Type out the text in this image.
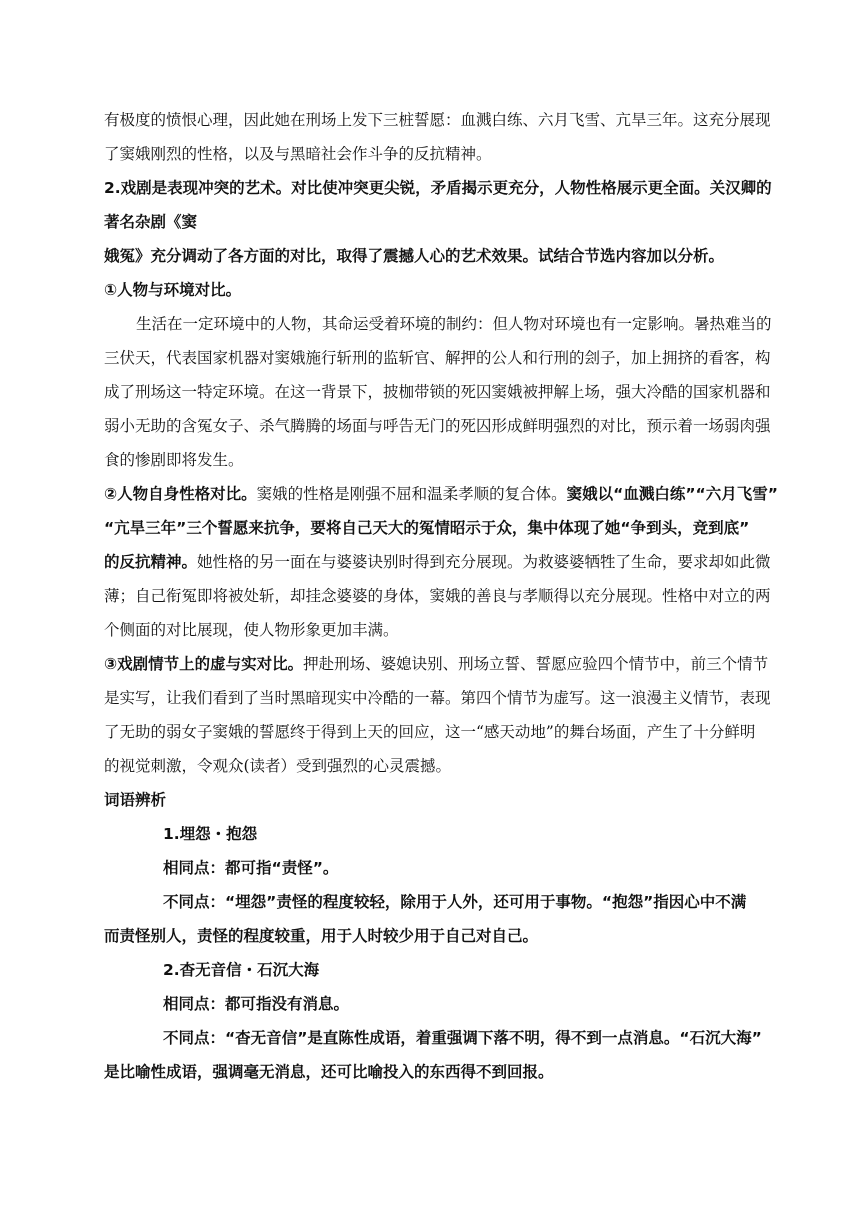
有极度的愤恨心理，因此她在刑场上发下三桩誓愿：血溅白练、六月飞雪、亢旱三年。这充分展现
了窦娥刚烈的性格，以及与黑暗社会作斗争的反抗精神。
2.戏剧是表现冲突的艺术。对比使冲突更尖锐，矛盾揭示更充分，人物性格展示更全面。关汉卿的
著名杂剧《窦
娥冤》充分调动了各方面的对比，取得了震撼人心的艺术效果。试结合节选内容加以分析。
①人物与环境对比。
生活在一定环境中的人物，其命运受着环境的制约：但人物对环境也有一定影响。暑热难当的
三伏天，代表国家机器对窦娥施行斩刑的监斩官、解押的公人和行刑的刽子，加上拥挤的看客，构
成了刑场这一特定环境。在这一背景下，披枷带锁的死囚窦娥被押解上场，强大冷酷的国家机器和
弱小无助的含冤女子、杀气腾腾的场面与呼告无门的死囚形成鲜明强烈的对比，预示着一场弱肉强
食的惨剧即将发生。
②人物自身性格对比。窦娥的性格是刚强不屈和温柔孝顺的复合体。窦娥以“血溅白练”“六月飞雪”
“亢旱三年”三个誓愿来抗争，要将自己天大的冤情昭示于众，集中体现了她“争到头，竞到底”
的反抗精神。她性格的另一面在与婆婆诀别时得到充分展现。为救婆婆牺牲了生命，要求却如此微
薄；自己衔冤即将被处斩，却挂念婆婆的身体，窦娥的善良与孝顺得以充分展现。性格中对立的两
个侧面的对比展现，使人物形象更加丰满。
③戏剧情节上的虚与实对比。押赴刑场、婆媳诀别、刑场立誓、誓愿应验四个情节中，前三个情节
是实写，让我们看到了当时黑暗现实中冷酷的一幕。第四个情节为虚写。这一浪漫主义情节，表现
了无助的弱女子窦娥的誓愿终于得到上天的回应，这一“感天动地”的舞台场面，产生了十分鲜明
的视觉刺激，令观众(读者）受到强烈的心灵震撼。
词语辨析
1.埋怨・抱怨
相同点：都可指“责怪”。
不同点：“埋怨”责怪的程度较轻，除用于人外，还可用于事物。“抱怨”指因心中不满
而责怪别人，责怪的程度较重，用于人时较少用于自己对自己。
2.杳无音信・石沉大海
相同点：都可指没有消息。
不同点：“杳无音信”是直陈性成语，着重强调下落不明，得不到一点消息。“石沉大海”
是比喻性成语，强调毫无消息，还可比喻投入的东西得不到回报。
